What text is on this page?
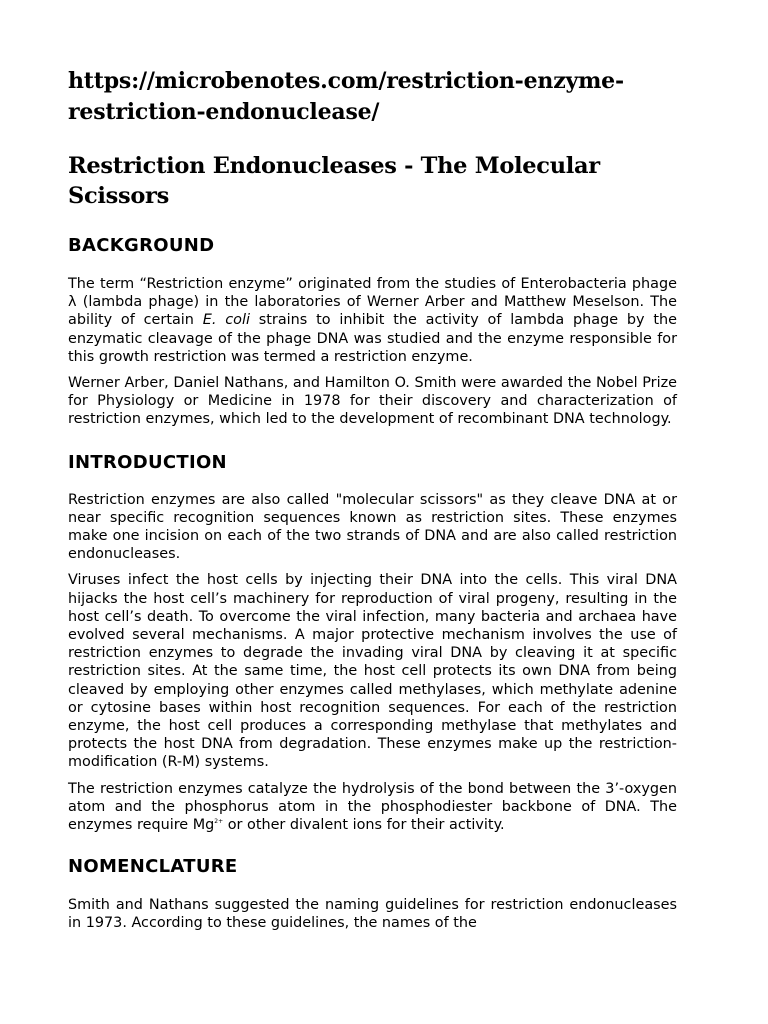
https://microbenotes.com/restriction-enzyme-restriction-endonuclease/
Restriction Endonucleases - The Molecular Scissors
BACKGROUND

The term “Restriction enzyme” originated from the studies of Enterobacteria phage λ (lambda phage) in the laboratories of Werner Arber and Matthew Meselson. The ability of certain E. coli strains to inhibit the activity of lambda phage by the enzymatic cleavage of the phage DNA was studied and the enzyme responsible for this growth restriction was termed a restriction enzyme.

Werner Arber, Daniel Nathans, and Hamilton O. Smith were awarded the Nobel Prize for Physiology or Medicine in 1978 for their discovery and characterization of restriction enzymes, which led to the development of recombinant DNA technology.

INTRODUCTION

Restriction enzymes are also called "molecular scissors" as they cleave DNA at or near specific recognition sequences known as restriction sites. These enzymes make one incision on each of the two strands of DNA and are also called restriction endonucleases.

Viruses infect the host cells by injecting their DNA into the cells. This viral DNA hijacks the host cell’s machinery for reproduction of viral progeny, resulting in the host cell’s death. To overcome the viral infection, many bacteria and archaea have evolved several mechanisms. A major protective mechanism involves the use of restriction enzymes to degrade the invading viral DNA by cleaving it at specific restriction sites. At the same time, the host cell protects its own DNA from being cleaved by employing other enzymes called methylases, which methylate adenine or cytosine bases within host recognition sequences. For each of the restriction enzyme, the host cell produces a corresponding methylase that methylates and protects the host DNA from degradation. These enzymes make up the restriction-modification (R-M) systems.

The restriction enzymes catalyze the hydrolysis of the bond between the 3’-oxygen atom and the phosphorus atom in the phosphodiester backbone of DNA. The enzymes require $Mg^{2+}$ or other divalent ions for their activity.

NOMENCLATURE

Smith and Nathans suggested the naming guidelines for restriction endonucleases in 1973. According to these guidelines, the names of the
